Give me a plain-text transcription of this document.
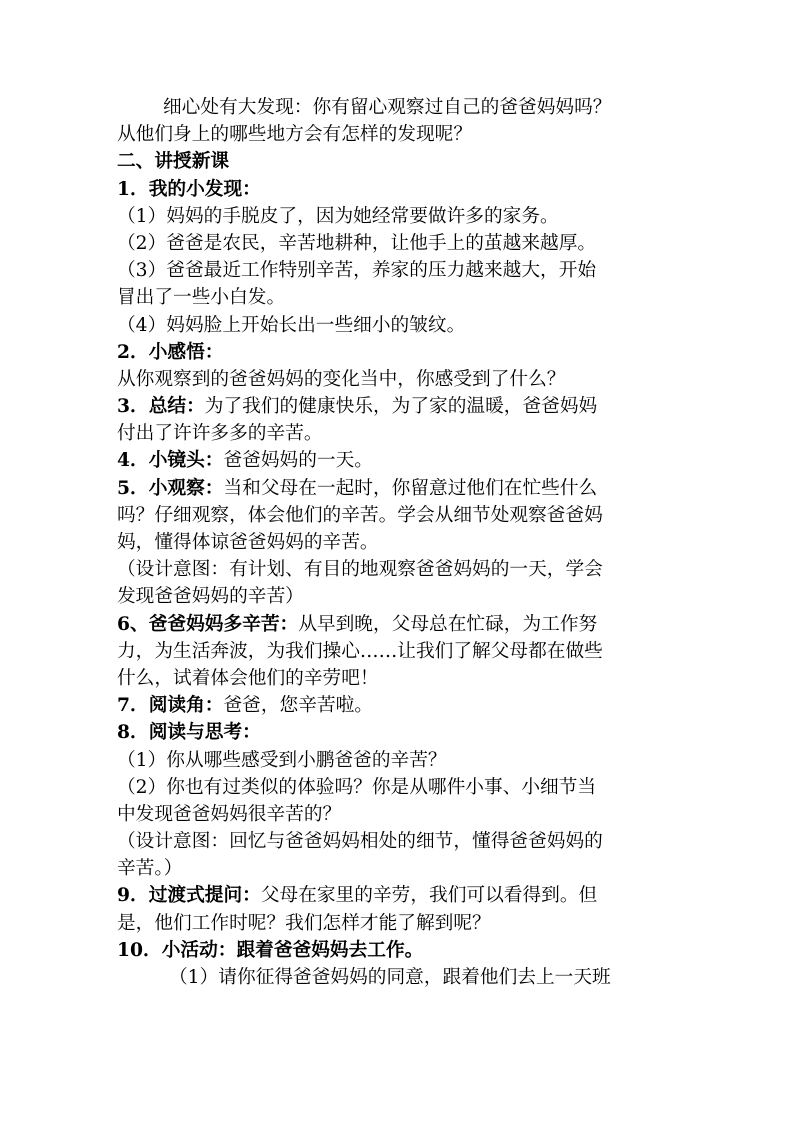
细心处有大发现：你有留心观察过自己的爸爸妈妈吗？
从他们身上的哪些地方会有怎样的发现呢？
二、讲授新课
1．我的小发现：
（1）妈妈的手脱皮了，因为她经常要做许多的家务。
（2）爸爸是农民，辛苦地耕种，让他手上的茧越来越厚。
（3）爸爸最近工作特别辛苦，养家的压力越来越大，开始
冒出了一些小白发。
（4）妈妈脸上开始长出一些细小的皱纹。
2．小感悟：
从你观察到的爸爸妈妈的变化当中，你感受到了什么？
3．总结：为了我们的健康快乐，为了家的温暖，爸爸妈妈
付出了许许多多的辛苦。
4．小镜头：爸爸妈妈的一天。
5．小观察：当和父母在一起时，你留意过他们在忙些什么
吗？仔细观察，体会他们的辛苦。学会从细节处观察爸爸妈
妈，懂得体谅爸爸妈妈的辛苦。
（设计意图：有计划、有目的地观察爸爸妈妈的一天，学会
发现爸爸妈妈的辛苦）
6、爸爸妈妈多辛苦：从早到晚，父母总在忙碌，为工作努
力，为生活奔波，为我们操心……让我们了解父母都在做些
什么，试着体会他们的辛劳吧！
7．阅读角：爸爸，您辛苦啦。
8．阅读与思考：
（1）你从哪些感受到小鹏爸爸的辛苦？
（2）你也有过类似的体验吗？你是从哪件小事、小细节当
中发现爸爸妈妈很辛苦的？
（设计意图：回忆与爸爸妈妈相处的细节，懂得爸爸妈妈的
辛苦。）
9．过渡式提问：父母在家里的辛劳，我们可以看得到。但
是，他们工作时呢？我们怎样才能了解到呢？
10．小活动：跟着爸爸妈妈去工作。
（1）请你征得爸爸妈妈的同意，跟着他们去上一天班
